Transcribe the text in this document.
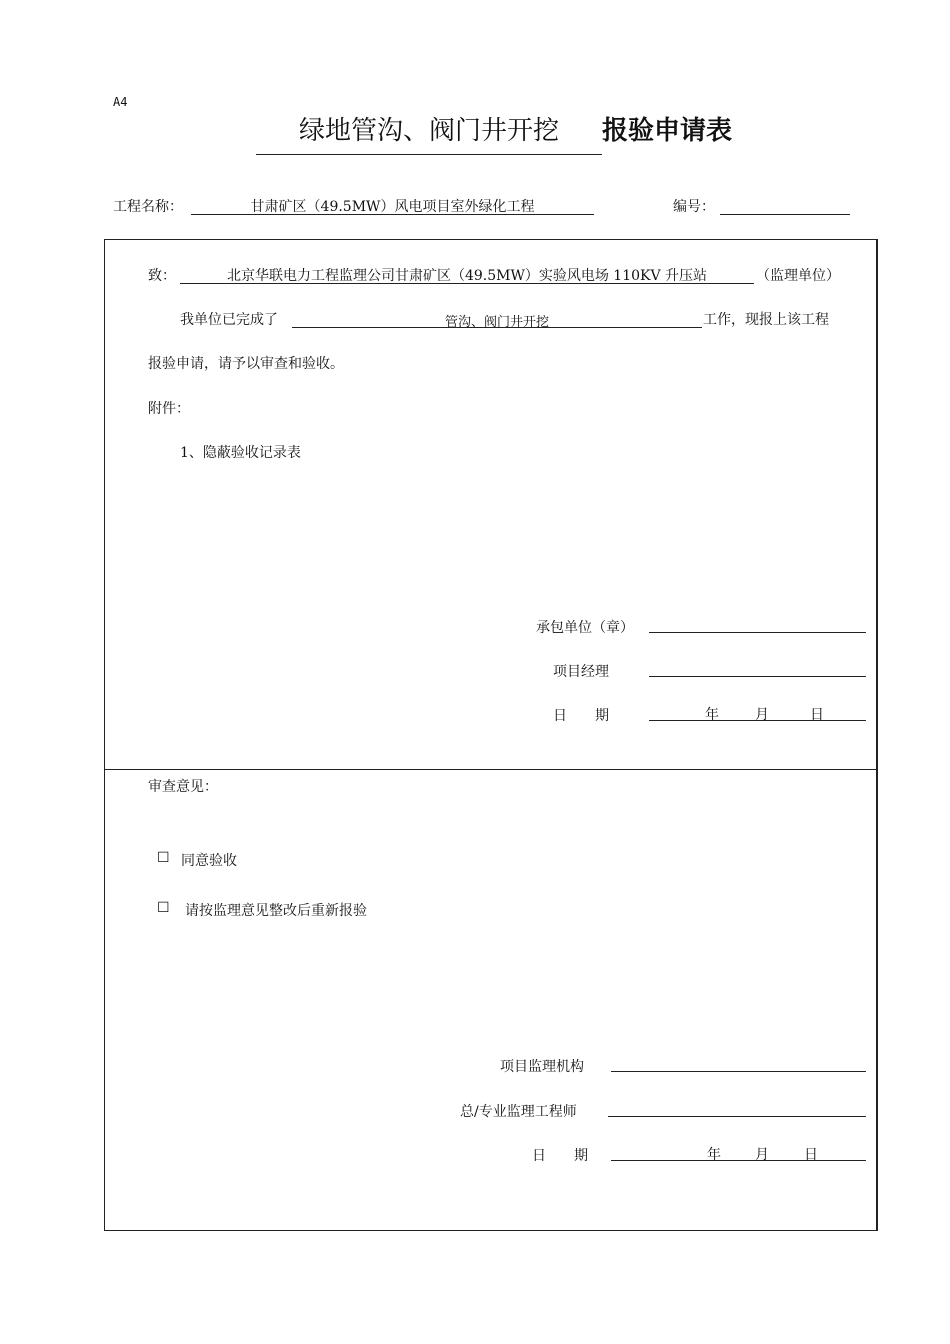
A4
绿地管沟、阀门井开挖	报验申请表
工程名称：	甘肃矿区（49.5MW）风电项目室外绿化工程	编号：
致：	北京华联电力工程监理公司甘肃矿区（49.5MW）实验风电场 110KV 升压站	（监理单位）
我单位已完成了	管沟、阀门井开挖	工作，现报上该工程
报验申请，请予以审查和验收。
附件：
1、隐蔽验收记录表
承包单位（章）
项目经理
日　　期	年	月	日
审查意见：
☐ 同意验收
☐ 请按监理意见整改后重新报验
项目监理机构
总/专业监理工程师
日　　期	年 月	日
